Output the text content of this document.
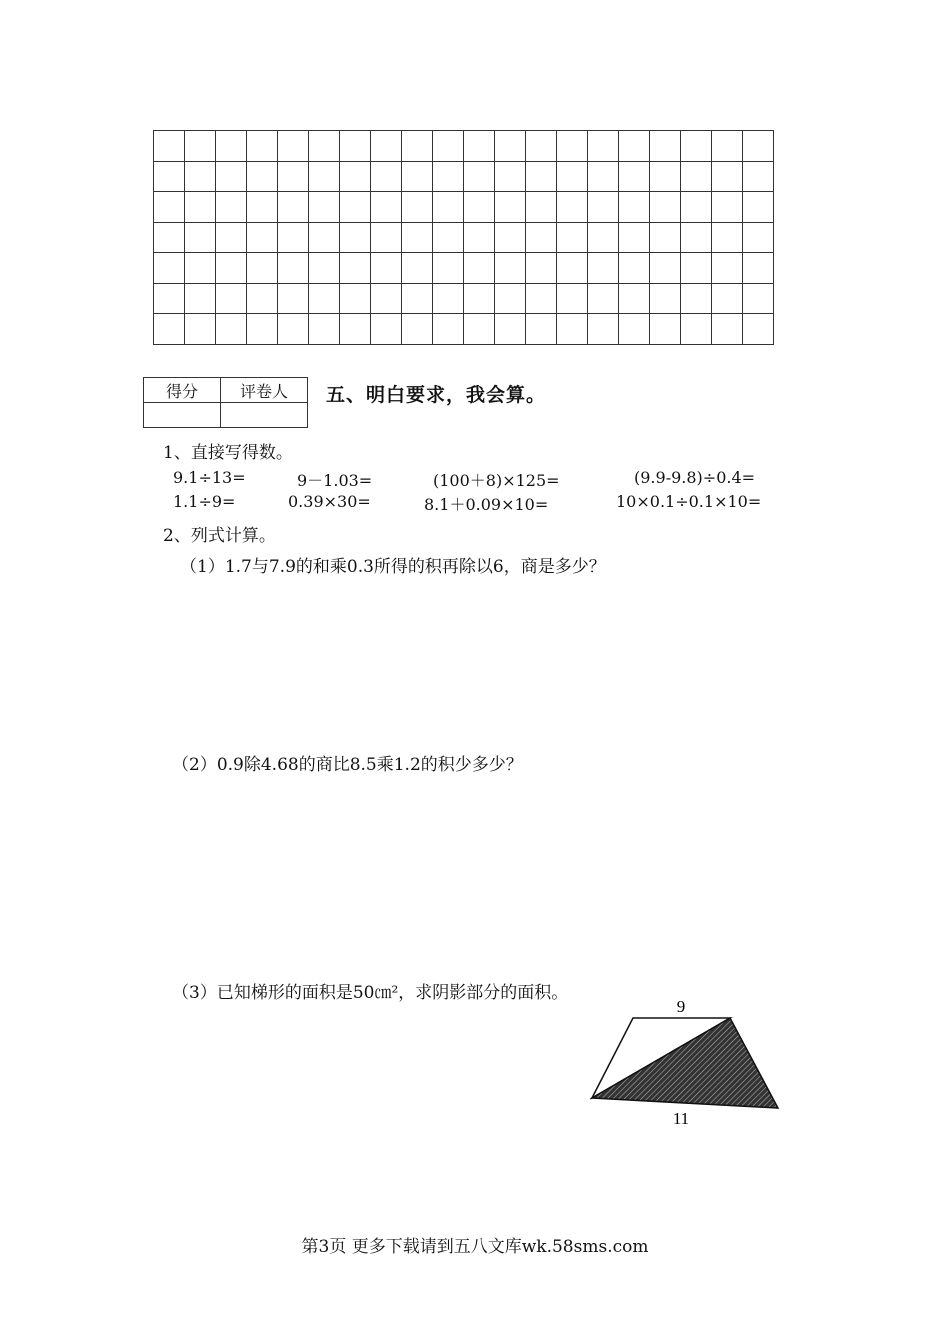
得分	评卷人
	五、明白要求，我会算。
1、直接写得数。
9.1÷13=	9－1.03=	(100＋8)×125=	(9.9-9.8)÷0.4=
1.1÷9=	0.39×30=	8.1＋0.09×10=	10×0.1÷0.1×10=
2、列式计算。
（1）1.7与7.9的和乘0.3所得的积再除以6，商是多少？
（2）0.9除4.68的商比8.5乘1.2的积少多少？
（3）已知梯形的面积是50㎝²，求阴影部分的面积。
9
11
第3页 更多下载请到五八文库wk.58sms.com
